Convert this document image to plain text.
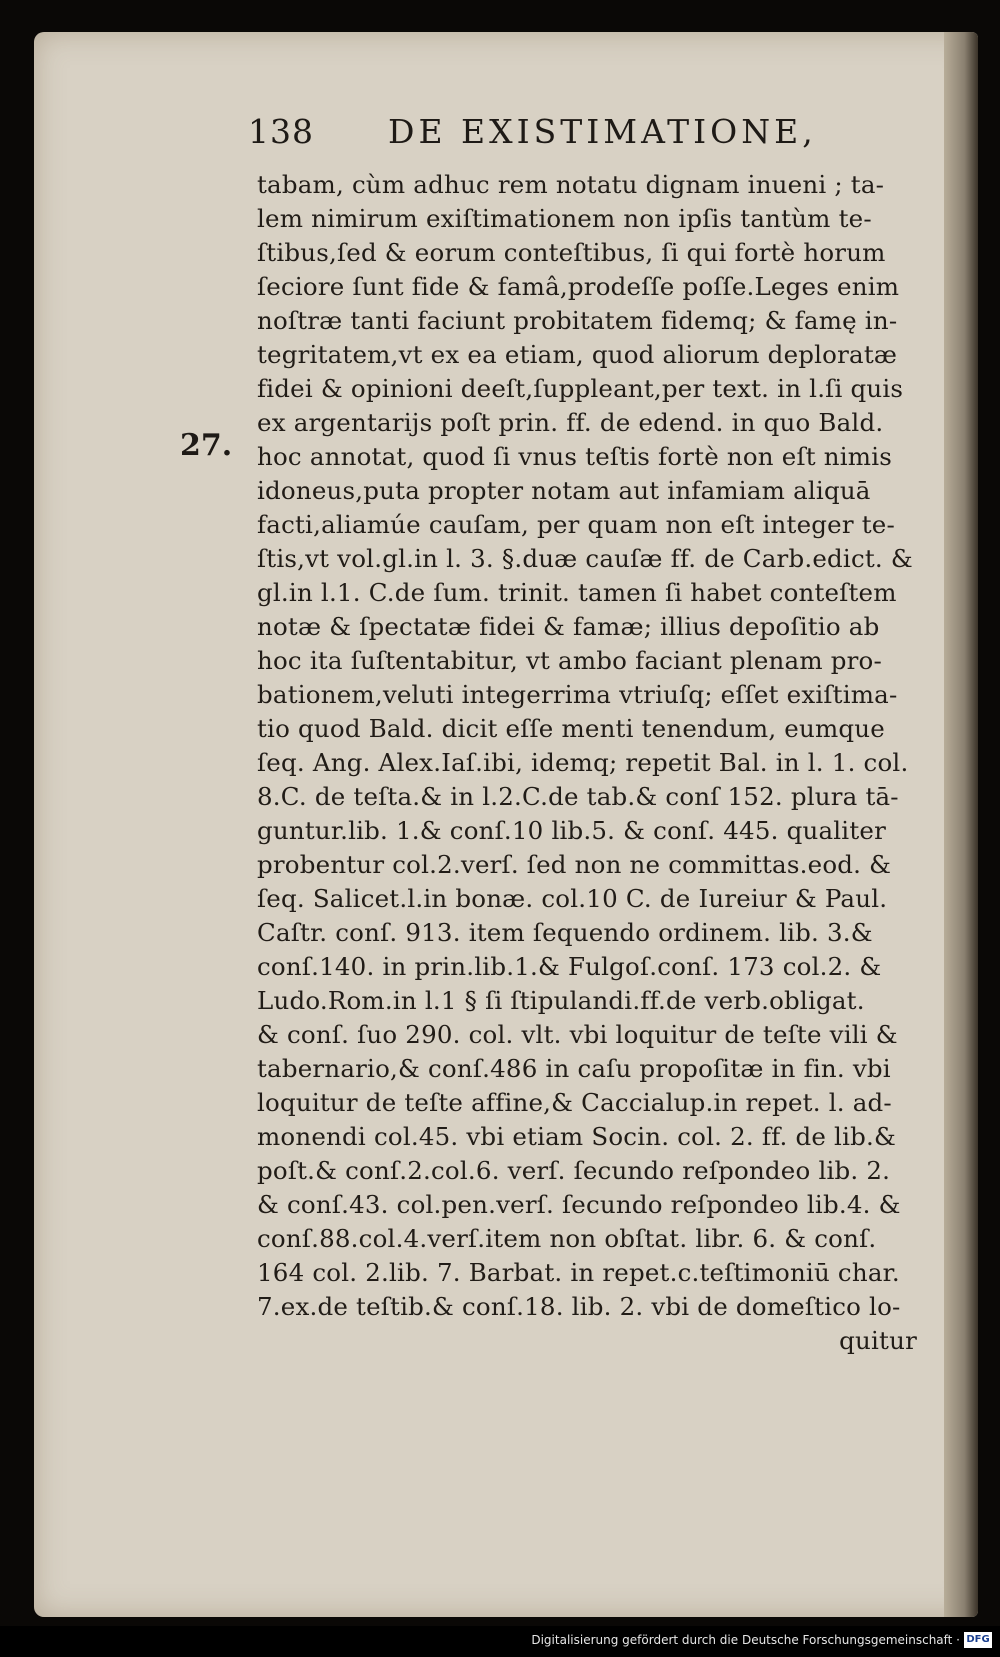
138 DE EXISTIMATIONE,
27.
tabam, cùm adhuc rem notatu dignam inueni ; ta-
lem nimirum exiſtimationem non ipſis tantùm te-
ſtibus,ſed & eorum conteſtibus, ſi qui fortè horum
ſeciore ſunt fide & famâ,prodeſſe poſſe.Leges enim
noſtræ tanti faciunt probitatem fidemq; & famę in-
tegritatem,vt ex ea etiam, quod aliorum deploratæ
fidei & opinioni deeſt,ſuppleant,per text. in l.ſi quis
ex argentarijs poſt prin. ff. de edend. in quo Bald.
hoc annotat, quod ſi vnus teſtis fortè non eſt nimis
idoneus,puta propter notam aut infamiam aliquā
facti,aliamúe cauſam, per quam non eſt integer te-
ſtis,vt vol.gl.in l. 3. §.duæ cauſæ ff. de Carb.edict. &
gl.in l.1. C.de ſum. trinit. tamen ſi habet conteſtem
notæ & ſpectatæ fidei & famæ; illius depoſitio ab
hoc ita ſuſtentabitur, vt ambo faciant plenam pro-
bationem,veluti integerrima vtriuſq; eſſet exiſtima-
tio quod Bald. dicit eſſe menti tenendum, eumque
ſeq. Ang. Alex.Iaſ.ibi, idemq; repetit Bal. in l. 1. col.
8.C. de teſta.& in l.2.C.de tab.& conſ 152. plura tā-
guntur.lib. 1.& conſ.10 lib.5. & conſ. 445. qualiter
probentur col.2.verſ. ſed non ne committas.eod. &
ſeq. Salicet.l.in bonæ. col.10 C. de Iureiur & Paul.
Caſtr. conſ. 913. item ſequendo ordinem. lib. 3.&
conſ.140. in prin.lib.1.& Fulgoſ.conſ. 173 col.2. &
Ludo.Rom.in l.1 § ſi ſtipulandi.ff.de verb.obligat.
& conſ. ſuo 290. col. vlt. vbi loquitur de teſte vili &
tabernario,& conſ.486 in caſu propoſitæ in fin. vbi
loquitur de teſte affine,& Caccialup.in repet. l. ad-
monendi col.45. vbi etiam Socin. col. 2. ff. de lib.&
poſt.& conſ.2.col.6. verſ. ſecundo reſpondeo lib. 2.
& conſ.43. col.pen.verſ. ſecundo reſpondeo lib.4. &
conſ.88.col.4.verſ.item non obſtat. libr. 6. & conſ.
164 col. 2.lib. 7. Barbat. in repet.c.teſtimoniū char.
7.ex.de teſtib.& conſ.18. lib. 2. vbi de domeſtico lo-
quitur
Digitalisierung gefördert durch die Deutsche Forschungsgemeinschaft · DFG
